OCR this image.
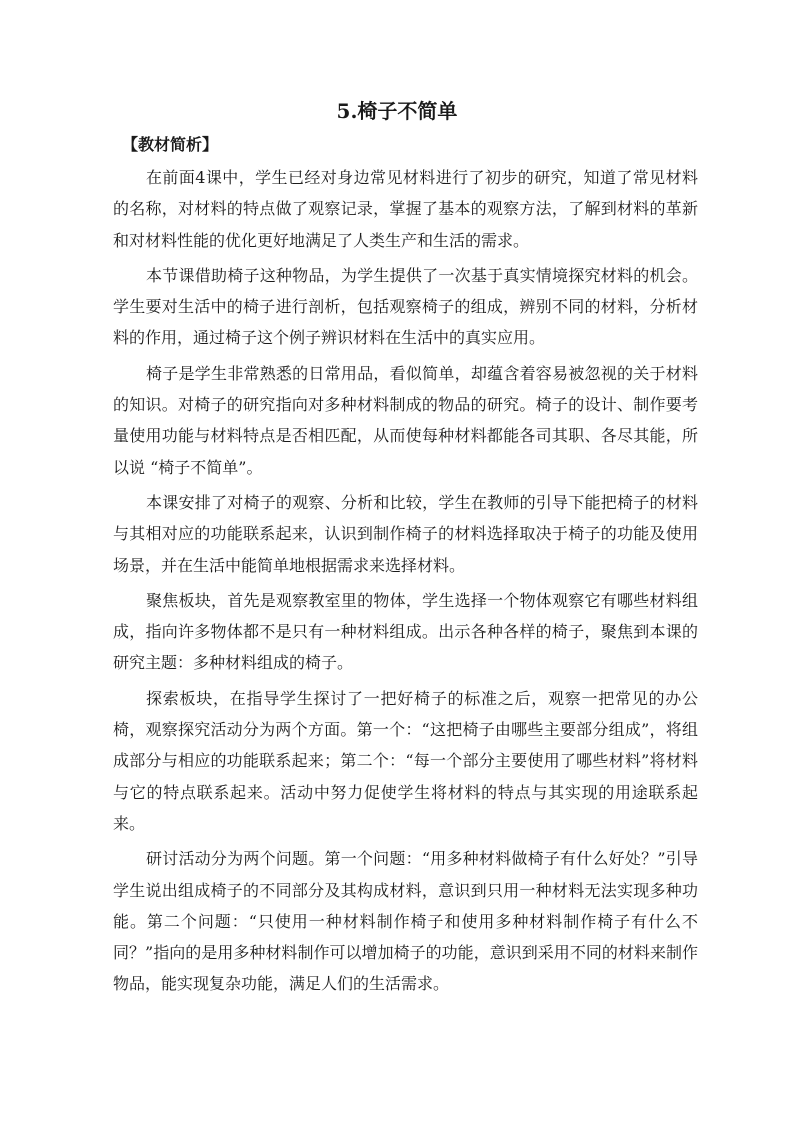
5.椅子不简单
【教材简析】

在前面4课中，学生已经对身边常见材料进行了初步的研究，知道了常见材料的名称，对材料的特点做了观察记录，掌握了基本的观察方法，了解到材料的革新和对材料性能的优化更好地满足了人类生产和生活的需求。

本节课借助椅子这种物品，为学生提供了一次基于真实情境探究材料的机会。学生要对生活中的椅子进行剖析，包括观察椅子的组成，辨别不同的材料，分析材料的作用，通过椅子这个例子辨识材料在生活中的真实应用。

椅子是学生非常熟悉的日常用品，看似简单，却蕴含着容易被忽视的关于材料的知识。对椅子的研究指向对多种材料制成的物品的研究。椅子的设计、制作要考量使用功能与材料特点是否相匹配，从而使每种材料都能各司其职、各尽其能，所以说 “椅子不简单”。

本课安排了对椅子的观察、分析和比较，学生在教师的引导下能把椅子的材料与其相对应的功能联系起来，认识到制作椅子的材料选择取决于椅子的功能及使用场景，并在生活中能简单地根据需求来选择材料。

聚焦板块，首先是观察教室里的物体，学生选择一个物体观察它有哪些材料组成，指向许多物体都不是只有一种材料组成。出示各种各样的椅子，聚焦到本课的研究主题：多种材料组成的椅子。

探索板块，在指导学生探讨了一把好椅子的标准之后，观察一把常见的办公椅，观察探究活动分为两个方面。第一个：“这把椅子由哪些主要部分组成”，将组成部分与相应的功能联系起来；第二个：“每一个部分主要使用了哪些材料”将材料与它的特点联系起来。活动中努力促使学生将材料的特点与其实现的用途联系起来。

研讨活动分为两个问题。第一个问题：“用多种材料做椅子有什么好处？”引导学生说出组成椅子的不同部分及其构成材料，意识到只用一种材料无法实现多种功能。第二个问题：“只使用一种材料制作椅子和使用多种材料制作椅子有什么不同？”指向的是用多种材料制作可以增加椅子的功能，意识到采用不同的材料来制作物品，能实现复杂功能，满足人们的生活需求。
